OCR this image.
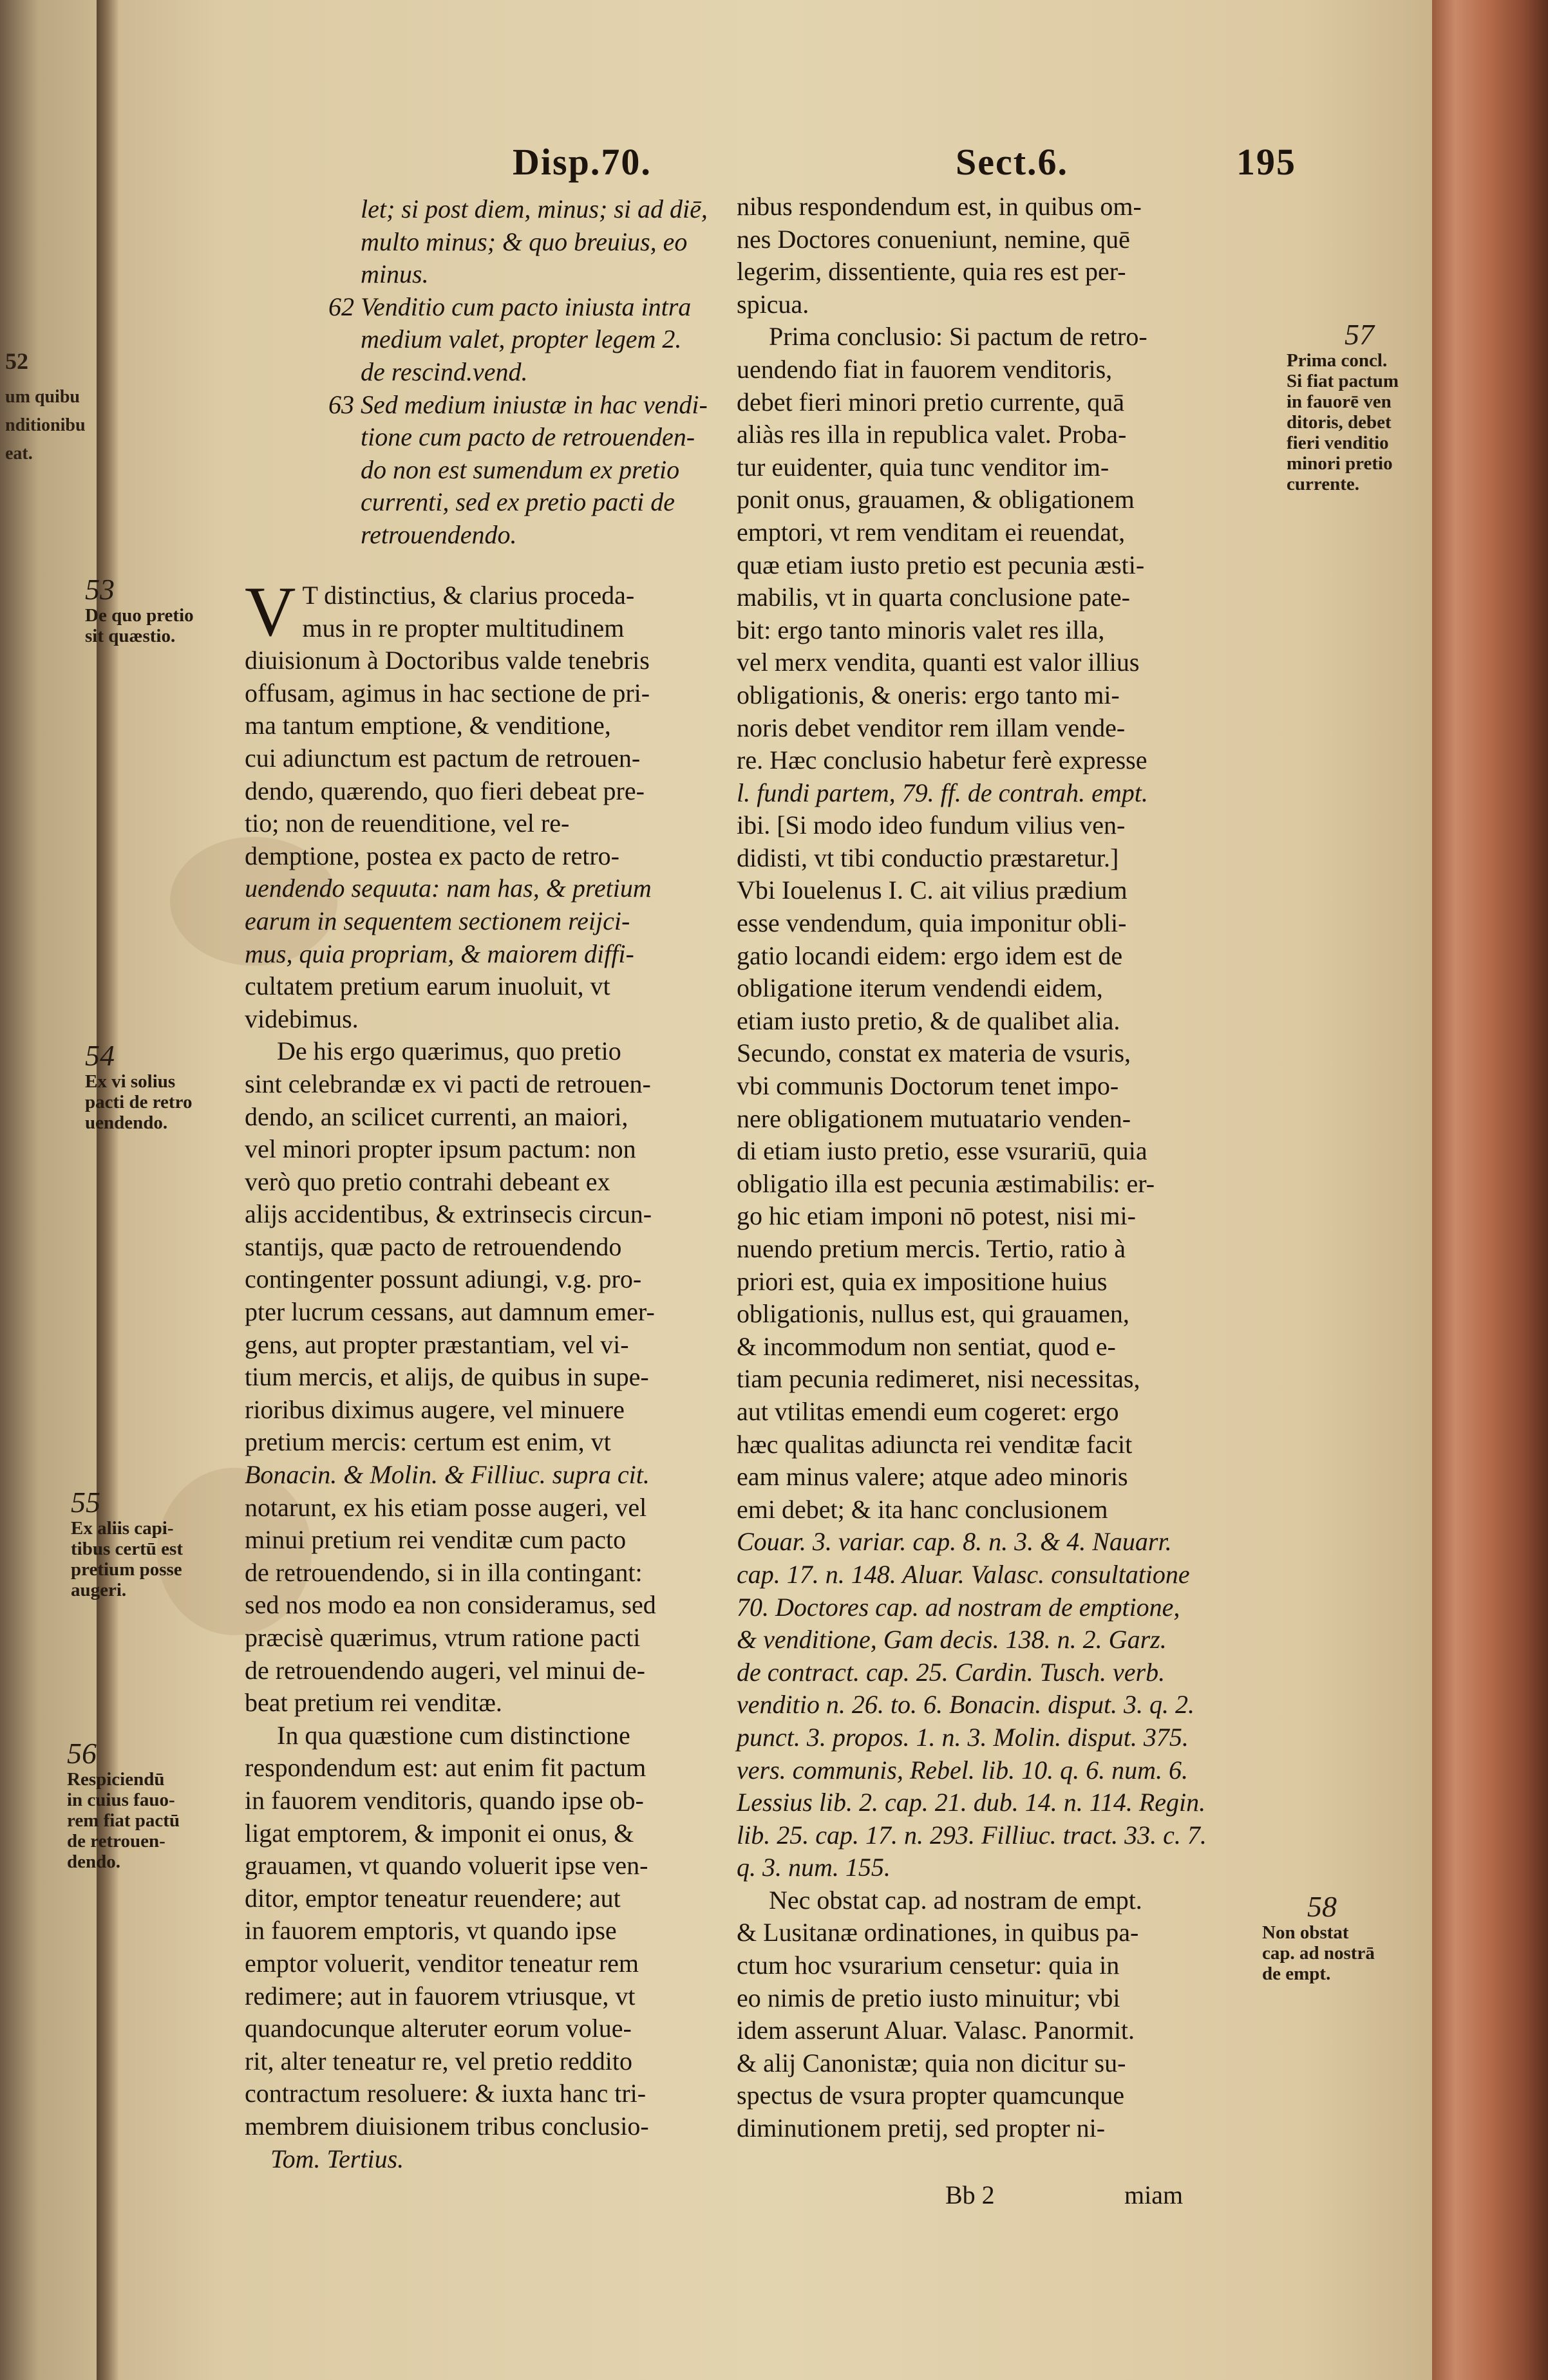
52
um quibu
nditionibu
eat.
Disp.70.	Sect.6.	195
let; si post diem, minus; si ad diē,
multo minus; & quo breuius, eo
minus.
62 Venditio cum pacto iniusta intra
medium valet, propter legem 2.
de rescind.vend.
63 Sed medium iniustæ in hac vendi-
tione cum pacto de retrouenden-
do non est sumendum ex pretio
currenti, sed ex pretio pacti de
retrouendendo.
V T distinctius, & clarius proceda-
mus in re propter multitudinem
diuisionum à Doctoribus valde tenebris
offusam, agimus in hac sectione de pri-
ma tantum emptione, & venditione,
cui adiunctum est pactum de retrouen-
dendo, quærendo, quo fieri debeat pre-
tio; non de reuenditione, vel re-
demptione, postea ex pacto de retro-
uendendo sequuta: nam has, & pretium
earum in sequentem sectionem reijci-
mus, quia propriam, & maiorem diffi-
cultatem pretium earum inuoluit, vt
videbimus.
De his ergo quærimus, quo pretio
sint celebrandæ ex vi pacti de retrouen-
dendo, an scilicet currenti, an maiori,
vel minori propter ipsum pactum: non
verò quo pretio contrahi debeant ex
alijs accidentibus, & extrinsecis circun-
stantijs, quæ pacto de retrouendendo
contingenter possunt adiungi, v.g. pro-
pter lucrum cessans, aut damnum emer-
gens, aut propter præstantiam, vel vi-
tium mercis, et alijs, de quibus in supe-
rioribus diximus augere, vel minuere
pretium mercis: certum est enim, vt
Bonacin. & Molin. & Filliuc. supra cit.
notarunt, ex his etiam posse augeri, vel
minui pretium rei venditæ cum pacto
de retrouendendo, si in illa contingant:
sed nos modo ea non consideramus, sed
præcisè quærimus, vtrum ratione pacti
de retrouendendo augeri, vel minui de-
beat pretium rei venditæ.
In qua quæstione cum distinctione
respondendum est: aut enim fit pactum
in fauorem venditoris, quando ipse ob-
ligat emptorem, & imponit ei onus, &
grauamen, vt quando voluerit ipse ven-
ditor, emptor teneatur reuendere; aut
in fauorem emptoris, vt quando ipse
emptor voluerit, venditor teneatur rem
redimere; aut in fauorem vtriusque, vt
quandocunque alteruter eorum volue-
rit, alter teneatur re, vel pretio reddito
contractum resoluere: & iuxta hanc tri-
membrem diuisionem tribus conclusio-
Tom. Tertius.
53
De quo pretio
sit quæstio.
54
Ex vi solius
pacti de retro
uendendo.
55
Ex aliis capi-
tibus certū est
pretium posse
augeri.
56
Respiciendū
in cuius fauo-
rem fiat pactū
de retrouen-
dendo.
nibus respondendum est, in quibus om-
nes Doctores conueniunt, nemine, quē
legerim, dissentiente, quia res est per-
spicua.
Prima conclusio: Si pactum de retro-
uendendo fiat in fauorem venditoris,
debet fieri minori pretio currente, quā
aliàs res illa in republica valet. Proba-
tur euidenter, quia tunc venditor im-
ponit onus, grauamen, & obligationem
emptori, vt rem venditam ei reuendat,
quæ etiam iusto pretio est pecunia æsti-
mabilis, vt in quarta conclusione pate-
bit: ergo tanto minoris valet res illa,
vel merx vendita, quanti est valor illius
obligationis, & oneris: ergo tanto mi-
noris debet venditor rem illam vende-
re. Hæc conclusio habetur ferè expresse
l. fundi partem, 79. ff. de contrah. empt.
ibi. [Si modo ideo fundum vilius ven-
didisti, vt tibi conductio præstaretur.]
Vbi Iouelenus I. C. ait vilius prædium
esse vendendum, quia imponitur obli-
gatio locandi eidem: ergo idem est de
obligatione iterum vendendi eidem,
etiam iusto pretio, & de qualibet alia.
Secundo, constat ex materia de vsuris,
vbi communis Doctorum tenet impo-
nere obligationem mutuatario venden-
di etiam iusto pretio, esse vsurariū, quia
obligatio illa est pecunia æstimabilis: er-
go hic etiam imponi nō potest, nisi mi-
nuendo pretium mercis. Tertio, ratio à
priori est, quia ex impositione huius
obligationis, nullus est, qui grauamen,
& incommodum non sentiat, quod e-
tiam pecunia redimeret, nisi necessitas,
aut vtilitas emendi eum cogeret: ergo
hæc qualitas adiuncta rei venditæ facit
eam minus valere; atque adeo minoris
emi debet; & ita hanc conclusionem
Couar. 3. variar. cap. 8. n. 3. & 4. Nauarr.
cap. 17. n. 148. Aluar. Valasc. consultatione
70. Doctores cap. ad nostram de emptione,
& venditione, Gam decis. 138. n. 2. Garz.
de contract. cap. 25. Cardin. Tusch. verb.
venditio n. 26. to. 6. Bonacin. disput. 3. q. 2.
punct. 3. propos. 1. n. 3. Molin. disput. 375.
vers. communis, Rebel. lib. 10. q. 6. num. 6.
Lessius lib. 2. cap. 21. dub. 14. n. 114. Regin.
lib. 25. cap. 17. n. 293. Filliuc. tract. 33. c. 7.
q. 3. num. 155.
Nec obstat cap. ad nostram de empt.
& Lusitanæ ordinationes, in quibus pa-
ctum hoc vsurarium censetur: quia in
eo nimis de pretio iusto minuitur; vbi
idem asserunt Aluar. Valasc. Panormit.
& alij Canonistæ; quia non dicitur su-
spectus de vsura propter quamcunque
diminutionem pretij, sed propter ni-
Bb 2	miam
57
Prima concl.
Si fiat pactum
in fauorē ven
ditoris, debet
fieri venditio
minori pretio
currente.
58
Non obstat
cap. ad nostrā
de empt.
